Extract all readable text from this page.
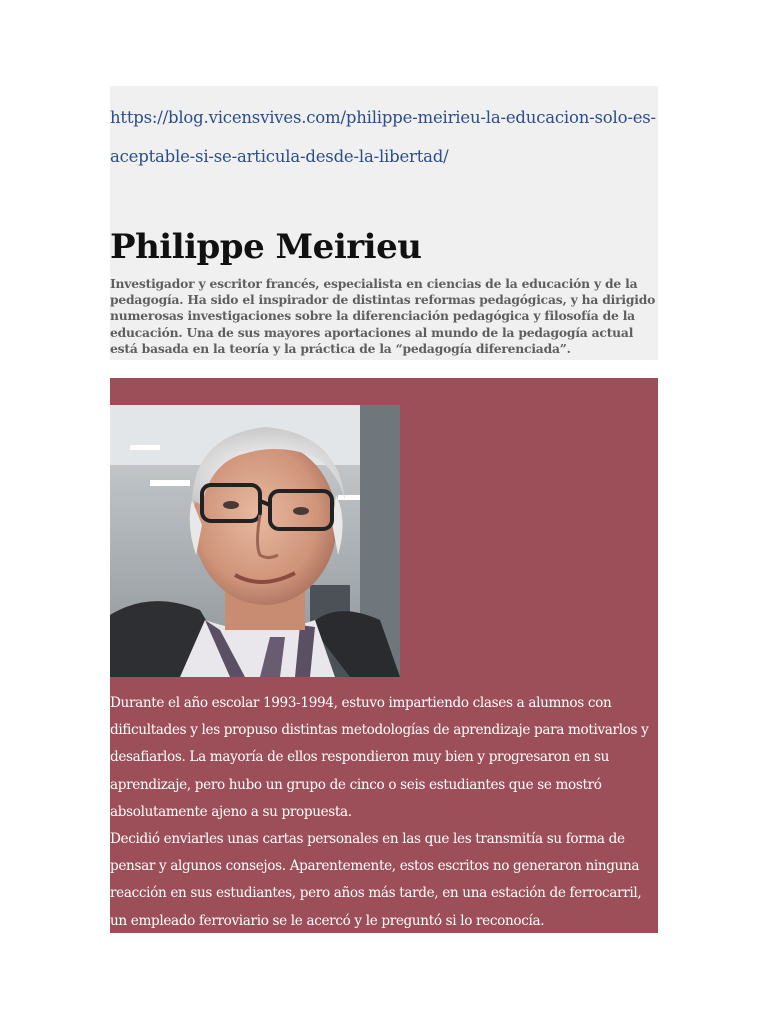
https://blog.vicensvives.com/philippe-meirieu-la-educacion-solo-es-aceptable-si-se-articula-desde-la-libertad/
Philippe Meirieu

Investigador y escritor francés, especialista en ciencias de la educación y de la pedagogía. Ha sido el inspirador de distintas reformas pedagógicas, y ha dirigido numerosas investigaciones sobre la diferenciación pedagógica y filosofía de la educación. Una de sus mayores aportaciones al mundo de la pedagogía actual está basada en la teoría y la práctica de la “pedagogía diferenciada”.

Durante el año escolar 1993-1994, estuvo impartiendo clases a alumnos con dificultades y les propuso distintas metodologías de aprendizaje para motivarlos y desafiarlos. La mayoría de ellos respondieron muy bien y progresaron en su aprendizaje, pero hubo un grupo de cinco o seis estudiantes que se mostró absolutamente ajeno a su propuesta.
Decidió enviarles unas cartas personales en las que les transmitía su forma de pensar y algunos consejos. Aparentemente, estos escritos no generaron ninguna reacción en sus estudiantes, pero años más tarde, en una estación de ferrocarril, un empleado ferroviario se le acercó y le preguntó si lo reconocía.
